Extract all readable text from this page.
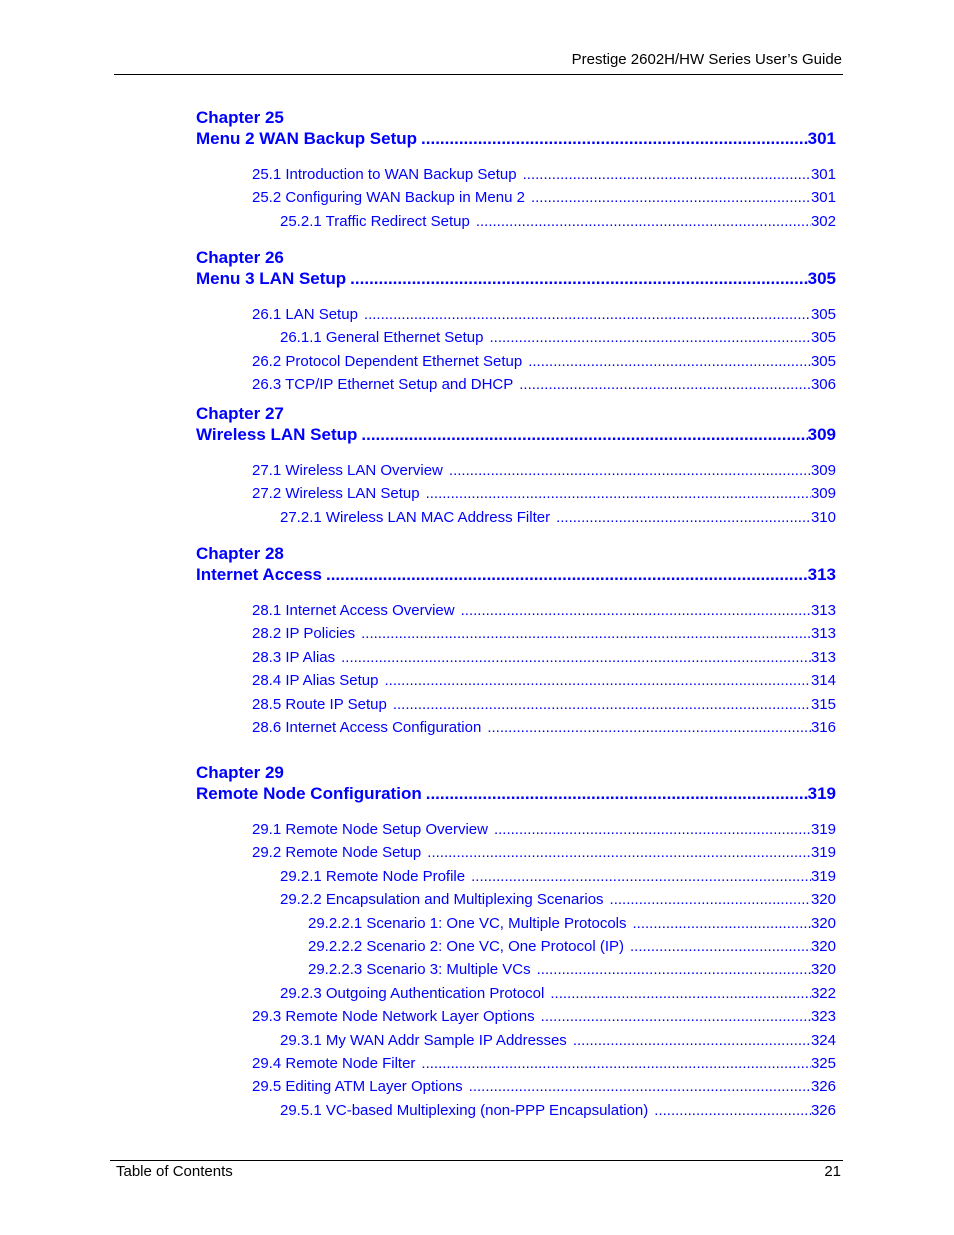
Prestige 2602H/HW Series User’s Guide
Chapter 25
Menu 2 WAN Backup Setup .....	301
25.1 Introduction to WAN Backup Setup .....	301
25.2 Configuring WAN Backup in Menu 2 .....	301
25.2.1 Traffic Redirect Setup .....	302
Chapter 26
Menu 3 LAN Setup .....	305
26.1 LAN Setup .....	305
26.1.1 General Ethernet Setup .....	305
26.2 Protocol Dependent Ethernet Setup .....	305
26.3 TCP/IP Ethernet Setup and DHCP .....	306
Chapter 27
Wireless LAN Setup .....	309
27.1 Wireless LAN Overview .....	309
27.2 Wireless LAN Setup .....	309
27.2.1 Wireless LAN MAC Address Filter .....	310
Chapter 28
Internet Access .....	313
28.1 Internet Access Overview .....	313
28.2 IP Policies .....	313
28.3 IP Alias .....	313
28.4 IP Alias Setup .....	314
28.5 Route IP Setup .....	315
28.6 Internet Access Configuration .....	316
Chapter 29
Remote Node Configuration .....	319
29.1 Remote Node Setup Overview .....	319
29.2 Remote Node Setup .....	319
29.2.1 Remote Node Profile .....	319
29.2.2 Encapsulation and Multiplexing Scenarios .....	320
29.2.2.1 Scenario 1: One VC, Multiple Protocols .....	320
29.2.2.2 Scenario 2: One VC, One Protocol (IP) .....	320
29.2.2.3 Scenario 3: Multiple VCs .....	320
29.2.3 Outgoing Authentication Protocol .....	322
29.3 Remote Node Network Layer Options .....	323
29.3.1 My WAN Addr Sample IP Addresses .....	324
29.4 Remote Node Filter .....	325
29.5 Editing ATM Layer Options .....	326
29.5.1 VC-based Multiplexing (non-PPP Encapsulation) .....	326
Table of Contents	21
